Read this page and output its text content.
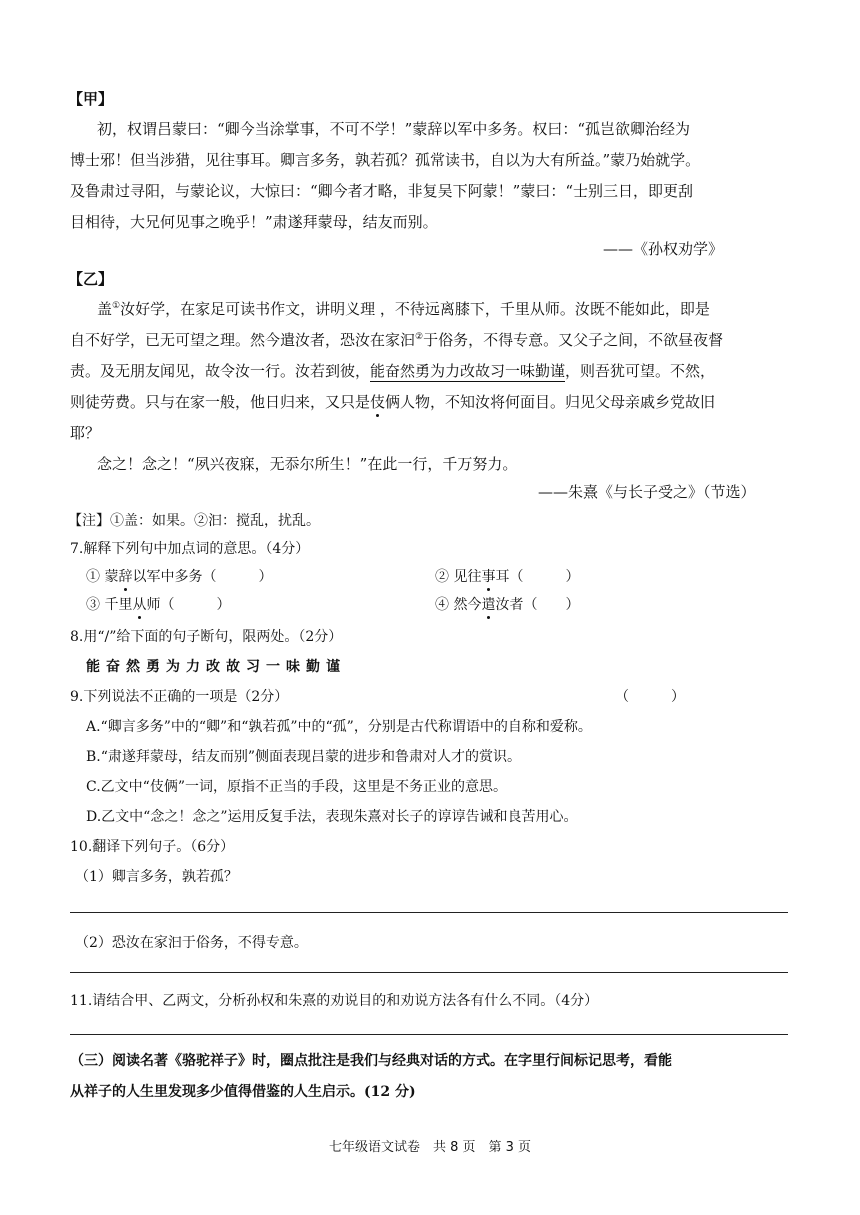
【甲】
初，权谓吕蒙曰：“卿今当涂掌事，不可不学！”蒙辞以军中多务。权曰：“孤岂欲卿治经为
博士邪！但当涉猎，见往事耳。卿言多务，孰若孤？孤常读书，自以为大有所益。”蒙乃始就学。
及鲁肃过寻阳，与蒙论议，大惊曰：“卿今者才略，非复吴下阿蒙！”蒙曰：“士别三日，即更刮
目相待，大兄何见事之晚乎！”肃遂拜蒙母，结友而别。
——《孙权劝学》
【乙】
盖①汝好学，在家足可读书作文，讲明义理 ，不待远离膝下，千里从师。汝既不能如此，即是
自不好学，已无可望之理。然今遣汝者，恐汝在家汩②于俗务，不得专意。又父子之间，不欲昼夜督
责。及无朋友闻见，故令汝一行。汝若到彼，能奋然勇为力改故习一味勤谨，则吾犹可望。不然，
则徒劳费。只与在家一般，他日归来，又只是伎俩人物，不知汝将何面目。归见父母亲戚乡党故旧
耶？
念之！念之！“夙兴夜寐，无忝尔所生！”在此一行，千万努力。
——朱熹《与长子受之》（节选）
【注】①盖：如果。②汩：搅乱，扰乱。
7.解释下列句中加点词的意思。（4分）
① 蒙辞以军中多务（　　　）	② 见往事耳（　　　）
③ 千里从师（　　　）	④ 然今遣汝者（　　）
8.用“/”给下面的句子断句，限两处。（2分）
能奋然勇为力改故习一味勤谨
9.下列说法不正确的一项是（2分）	（　　　）
A.“卿言多务”中的“卿”和“孰若孤”中的“孤”，分别是古代称谓语中的自称和爱称。
B.“肃遂拜蒙母，结友而别”侧面表现吕蒙的进步和鲁肃对人才的赏识。
C.乙文中“伎俩”一词，原指不正当的手段，这里是不务正业的意思。
D.乙文中“念之！念之”运用反复手法，表现朱熹对长子的谆谆告诫和良苦用心。
10.翻译下列句子。（6分）
（1）卿言多务，孰若孤？
（2）恐汝在家汩于俗务，不得专意。
11.请结合甲、乙两文，分析孙权和朱熹的劝说目的和劝说方法各有什么不同。（4分）
（三）阅读名著《骆驼祥子》时，圈点批注是我们与经典对话的方式。在字里行间标记思考，看能
从祥子的人生里发现多少值得借鉴的人生启示。(12 分)
七年级语文试卷　共 8 页　第 3 页
